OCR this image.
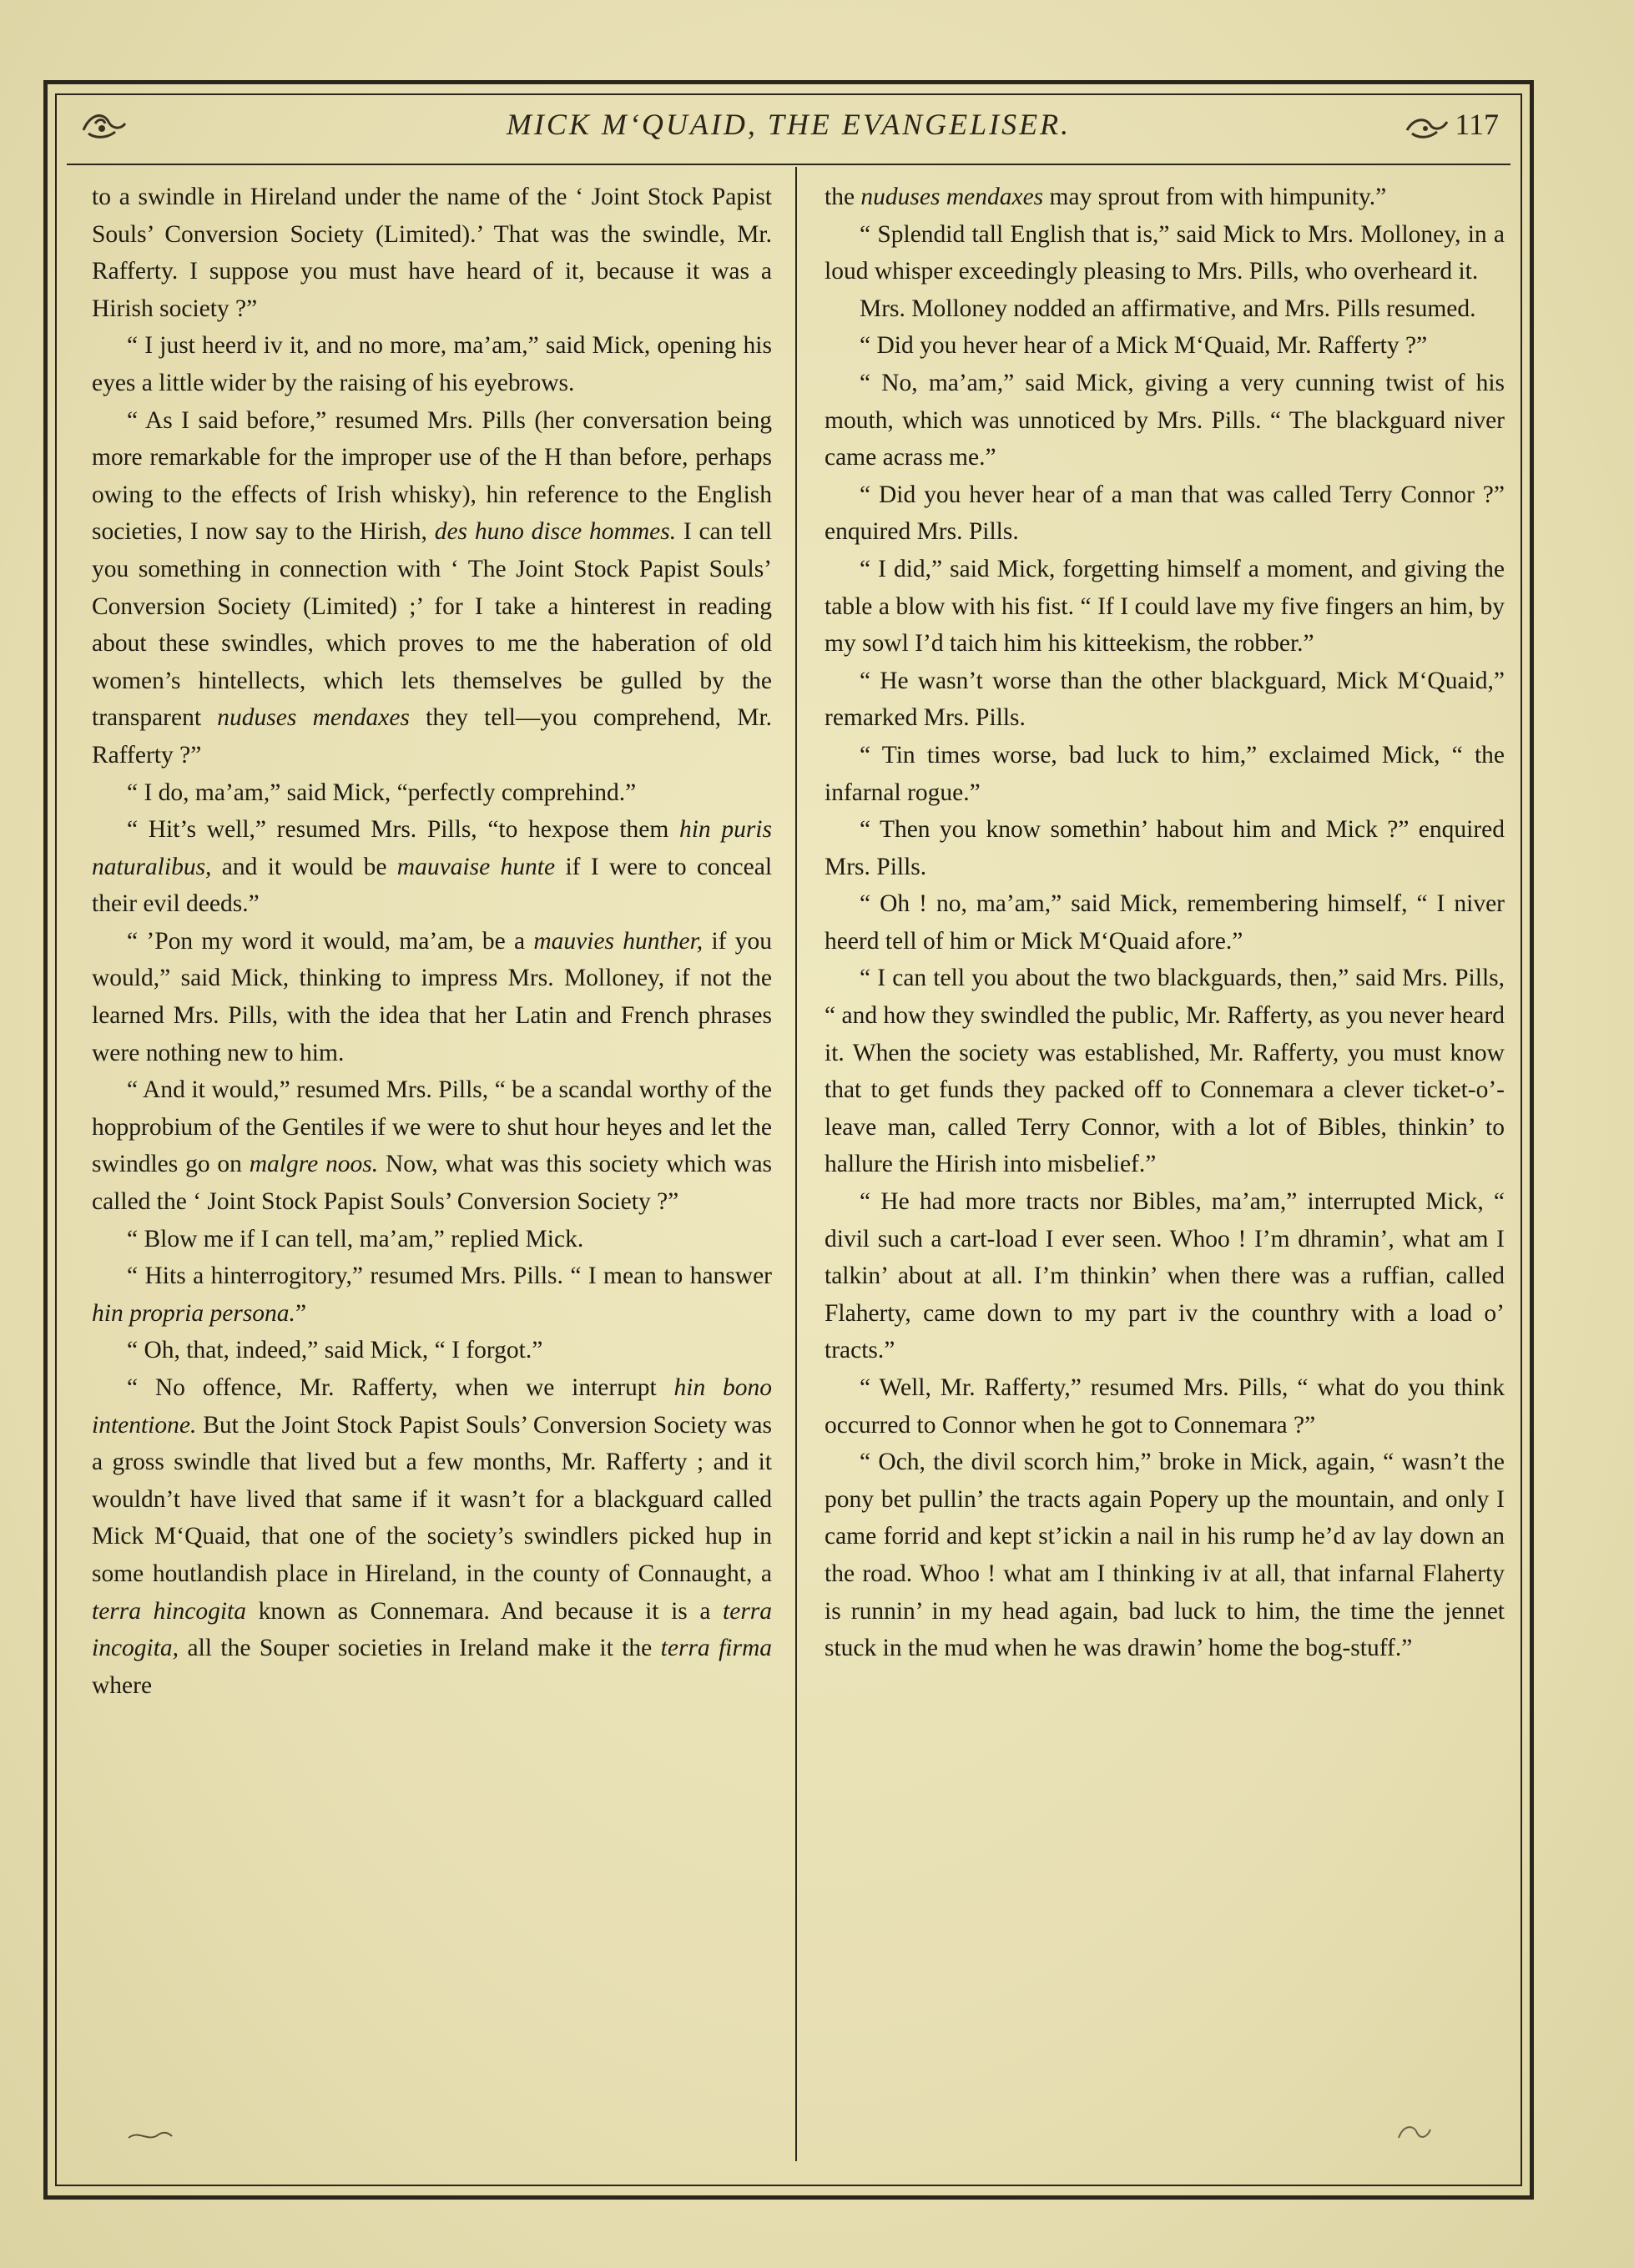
MICK M‘QUAID, THE EVANGELISER.	117

to a swindle in Hireland under the name of the ‘ Joint Stock Papist Souls’ Conversion Society (Limited).’ That was the swindle, Mr. Rafferty. I suppose you must have heard of it, because it was a Hirish society ?”

“ I just heerd iv it, and no more, ma’am,” said Mick, opening his eyes a little wider by the raising of his eyebrows.

“ As I said before,” resumed Mrs. Pills (her conversation being more remarkable for the improper use of the H than before, perhaps owing to the effects of Irish whisky), hin reference to the English societies, I now say to the Hirish, des huno disce hommes. I can tell you something in connection with ‘ The Joint Stock Papist Souls’ Conversion Society (Limited) ;’ for I take a hinterest in reading about these swindles, which proves to me the haberation of old women’s hintellects, which lets themselves be gulled by the transparent nuduses mendaxes they tell—you comprehend, Mr. Rafferty ?”

“ I do, ma’am,” said Mick, “perfectly comprehind.”

“ Hit’s well,” resumed Mrs. Pills, “to hexpose them hin puris naturalibus, and it would be mauvaise hunte if I were to conceal their evil deeds.”

“ ’Pon my word it would, ma’am, be a mauvies hunther, if you would,” said Mick, thinking to impress Mrs. Molloney, if not the learned Mrs. Pills, with the idea that her Latin and French phrases were nothing new to him.

“ And it would,” resumed Mrs. Pills, “ be a scandal worthy of the hopprobium of the Gentiles if we were to shut hour heyes and let the swindles go on malgre noos. Now, what was this society which was called the ‘ Joint Stock Papist Souls’ Conversion Society ?”

“ Blow me if I can tell, ma’am,” replied Mick.

“ Hits a hinterrogitory,” resumed Mrs. Pills. “ I mean to hanswer hin propria persona.”

“ Oh, that, indeed,” said Mick, “ I forgot.”

“ No offence, Mr. Rafferty, when we interrupt hin bono intentione. But the Joint Stock Papist Souls’ Conversion Society was a gross swindle that lived but a few months, Mr. Rafferty ; and it wouldn’t have lived that same if it wasn’t for a blackguard called Mick M‘Quaid, that one of the society’s swindlers picked hup in some houtlandish place in Hireland, in the county of Connaught, a terra hincogita known as Connemara. And because it is a terra incogita, all the Souper societies in Ireland make it the terra firma where

the nuduses mendaxes may sprout from with himpunity.”

“ Splendid tall English that is,” said Mick to Mrs. Molloney, in a loud whisper exceedingly pleasing to Mrs. Pills, who overheard it.

Mrs. Molloney nodded an affirmative, and Mrs. Pills resumed.

“ Did you hever hear of a Mick M‘Quaid, Mr. Rafferty ?”

“ No, ma’am,” said Mick, giving a very cunning twist of his mouth, which was unnoticed by Mrs. Pills. “ The blackguard niver came acrass me.”

“ Did you hever hear of a man that was called Terry Connor ?” enquired Mrs. Pills.

“ I did,” said Mick, forgetting himself a moment, and giving the table a blow with his fist. “ If I could lave my five fingers an him, by my sowl I’d taich him his kitteekism, the robber.”

“ He wasn’t worse than the other blackguard, Mick M‘Quaid,” remarked Mrs. Pills.

“ Tin times worse, bad luck to him,” exclaimed Mick, “ the infarnal rogue.”

“ Then you know somethin’ habout him and Mick ?” enquired Mrs. Pills.

“ Oh ! no, ma’am,” said Mick, remembering himself, “ I niver heerd tell of him or Mick M‘Quaid afore.”

“ I can tell you about the two blackguards, then,” said Mrs. Pills, “ and how they swindled the public, Mr. Rafferty, as you never heard it. When the society was established, Mr. Rafferty, you must know that to get funds they packed off to Connemara a clever ticket-o’-leave man, called Terry Connor, with a lot of Bibles, thinkin’ to hallure the Hirish into misbelief.”

“ He had more tracts nor Bibles, ma’am,” interrupted Mick, “ divil such a cart-load I ever seen. Whoo ! I’m dhramin’, what am I talkin’ about at all. I’m thinkin’ when there was a ruffian, called Flaherty, came down to my part iv the counthry with a load o’ tracts.”

“ Well, Mr. Rafferty,” resumed Mrs. Pills, “ what do you think occurred to Connor when he got to Connemara ?”

“ Och, the divil scorch him,” broke in Mick, again, “ wasn’t the pony bet pullin’ the tracts again Popery up the mountain, and only I came forrid and kept st’ickin a nail in his rump he’d av lay down an the road. Whoo ! what am I thinking iv at all, that infarnal Flaherty is runnin’ in my head again, bad luck to him, the time the jennet stuck in the mud when he was drawin’ home the bog-stuff.”
